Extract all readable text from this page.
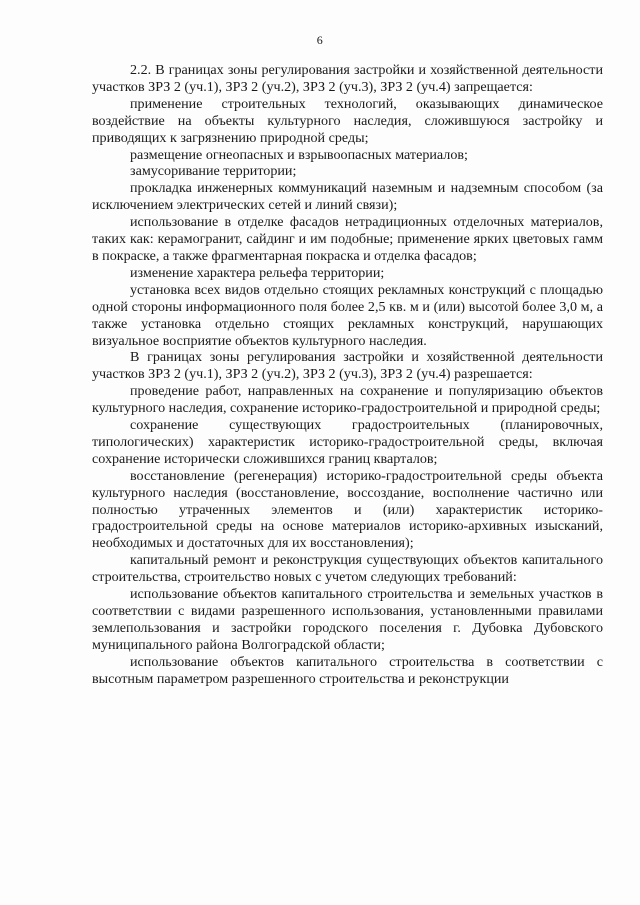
6

2.2. В границах зоны регулирования застройки и хозяйственной деятельности участков ЗРЗ 2 (уч.1), ЗРЗ 2 (уч.2), ЗРЗ 2 (уч.3), ЗРЗ 2 (уч.4) запрещается:

применение строительных технологий, оказывающих динамическое воздействие на объекты культурного наследия, сложившуюся застройку и приводящих к загрязнению природной среды;

размещение огнеопасных и взрывоопасных материалов;

замусоривание территории;

прокладка инженерных коммуникаций наземным и надземным способом (за исключением электрических сетей и линий связи);

использование в отделке фасадов нетрадиционных отделочных материалов, таких как: керамогранит, сайдинг и им подобные; применение ярких цветовых гамм в покраске, а также фрагментарная покраска и отделка фасадов;

изменение характера рельефа территории;

установка всех видов отдельно стоящих рекламных конструкций с площадью одной стороны информационного поля более 2,5 кв. м и (или) высотой более 3,0 м, а также установка отдельно стоящих рекламных конструкций, нарушающих визуальное восприятие объектов культурного наследия.

В границах зоны регулирования застройки и хозяйственной деятельности участков ЗРЗ 2 (уч.1), ЗРЗ 2 (уч.2), ЗРЗ 2 (уч.3), ЗРЗ 2 (уч.4) разрешается:

проведение работ, направленных на сохранение и популяризацию объектов культурного наследия, сохранение историко-градостроительной и природной среды;

сохранение существующих градостроительных (планировочных, типологических) характеристик историко-градостроительной среды, включая сохранение исторически сложившихся границ кварталов;

восстановление (регенерация) историко-градостроительной среды объекта культурного наследия (восстановление, воссоздание, восполнение частично или полностью утраченных элементов и (или) характеристик историко-градостроительной среды на основе материалов историко-архивных изысканий, необходимых и достаточных для их восстановления);

капитальный ремонт и реконструкция существующих объектов капитального строительства, строительство новых с учетом следующих требований:

использование объектов капитального строительства и земельных участков в соответствии с видами разрешенного использования, установленными правилами землепользования и застройки городского поселения г. Дубовка Дубовского муниципального района Волгоградской области;

использование объектов капитального строительства в соответствии с высотным параметром разрешенного строительства и реконструкции
